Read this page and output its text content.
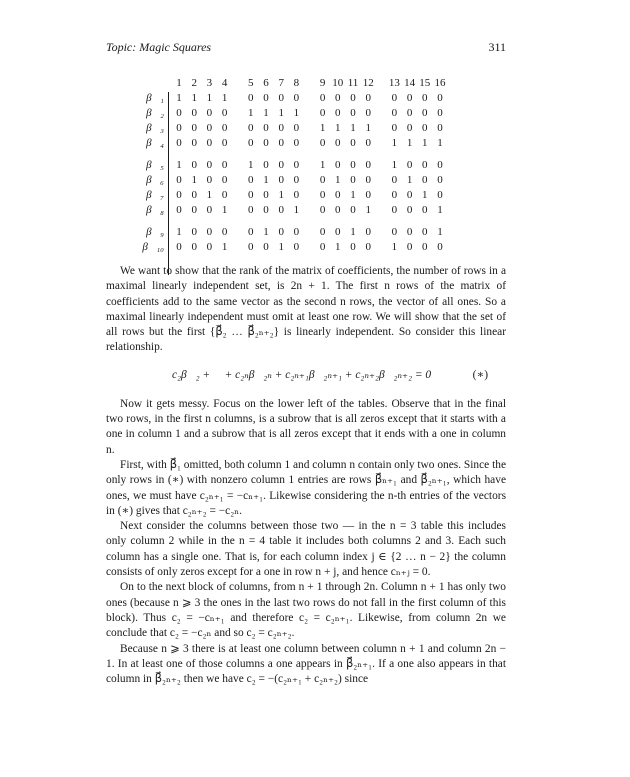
Topic: Magic Squares	311
1 2 3 4	5 6 7 8	9 10 11 12 13 14 15 16
β⃗₁	1 1 1 1	0 0 0 0	0 0 0 0	0 0 0 0
β⃗₂	0 0 0 0	1 1 1 1	0 0 0 0	0 0 0 0
β⃗₃	0 0 0 0	0 0 0 0	1 1 1 1	0 0 0 0
β⃗₄	0 0 0 0	0 0 0 0	0 0 0 0	1 1 1 1
β⃗₅	1 0 0 0	1 0 0 0	1 0 0 0	1 0 0 0
β⃗₆	0 1 0 0	0 1 0 0	0 1 0 0	0 1 0 0
β⃗₇	0 0 1 0	0 0 1 0	0 0 1 0	0 0 1 0
β⃗₈	0 0 0 1	0 0 0 1	0 0 0 1	0 0 0 1
β⃗₉	1 0 0 0	0 1 0 0	0 0 1 0	0 0 0 1
β⃗₁₀	0 0 0 1	0 0 1 0	0 1 0 0	1 0 0 0

We want to show that the rank of the matrix of coefficients, the number of rows in a maximal linearly independent set, is 2n + 1. The first n rows of the matrix of coefficients add to the same vector as the second n rows, the vector of all ones. So a maximal linearly independent must omit at least one row. We will show that the set of all rows but the first {β⃗₂ … β⃗₂ₙ₊₂} is linearly independent. So consider this linear relationship.

c₂β⃗₂ + ⋯ + c₂ₙβ⃗₂ₙ + c₂ₙ₊₁β⃗₂ₙ₊₁ + c₂ₙ₊₂β⃗₂ₙ₊₂ = 0⃗	(∗)

Now it gets messy. Focus on the lower left of the tables. Observe that in the final two rows, in the first n columns, is a subrow that is all zeros except that it starts with a one in column 1 and a subrow that is all zeros except that it ends with a one in column n.

First, with β⃗₁ omitted, both column 1 and column n contain only two ones. Since the only rows in (∗) with nonzero column 1 entries are rows β⃗ₙ₊₁ and β⃗₂ₙ₊₁, which have ones, we must have c₂ₙ₊₁ = −cₙ₊₁. Likewise considering the n-th entries of the vectors in (∗) gives that c₂ₙ₊₂ = −c₂ₙ.

Next consider the columns between those two — in the n = 3 table this includes only column 2 while in the n = 4 table it includes both columns 2 and 3. Each such column has a single one. That is, for each column index j ∈ {2 … n − 2} the column consists of only zeros except for a one in row n + j, and hence cₙ₊ⱼ = 0.

On to the next block of columns, from n + 1 through 2n. Column n + 1 has only two ones (because n ⩾ 3 the ones in the last two rows do not fall in the first column of this block). Thus c₂ = −cₙ₊₁ and therefore c₂ = c₂ₙ₊₁. Likewise, from column 2n we conclude that c₂ = −c₂ₙ and so c₂ = c₂ₙ₊₂.

Because n ⩾ 3 there is at least one column between column n + 1 and column 2n − 1. In at least one of those columns a one appears in β⃗₂ₙ₊₁. If a one also appears in that column in β⃗₂ₙ₊₂ then we have c₂ = −(c₂ₙ₊₁ + c₂ₙ₊₂) since
